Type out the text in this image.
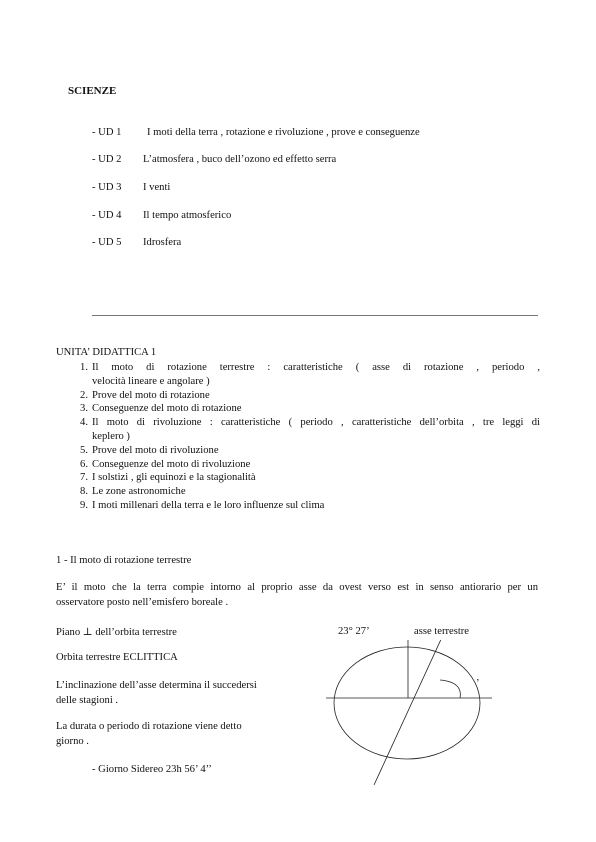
SCIENZE
- UD 1 I moti della terra , rotazione e rivoluzione , prove e conseguenze
- UD 2 L’atmosfera , buco dell’ozono ed effetto serra
- UD 3 I venti
- UD 4 Il tempo atmosferico
- UD 5 Idrosfera
UNITA’ DIDATTICA 1
1. Il moto di rotazione terrestre : caratteristiche ( asse di rotazione , periodo ,
velocità lineare e angolare )
2. Prove del moto di rotazione
3. Conseguenze del moto di rotazione
4. Il moto di rivoluzione : caratteristiche ( periodo , caratteristiche dell’orbita , tre leggi di
keplero )
5. Prove del moto di rivoluzione
6. Conseguenze del moto di rivoluzione
7. I solstizi , gli equinozi e la stagionalità
8. Le zone astronomiche
9. I moti millenari della terra e le loro influenze sul clima
1 - Il moto di rotazione terrestre
E’ il moto che la terra compie intorno al proprio asse da ovest verso est in senso antiorario per un
osservatore posto nell’emisfero boreale .
Piano ⊥ dell’orbita terrestre
Orbita terrestre ECLITTICA
L’inclinazione dell’asse determina il succedersi
delle stagioni .
La durata o periodo di rotazione viene detto
giorno .
- Giorno Sidereo 23h 56’ 4’’
23° 27’	asse terrestre
’
